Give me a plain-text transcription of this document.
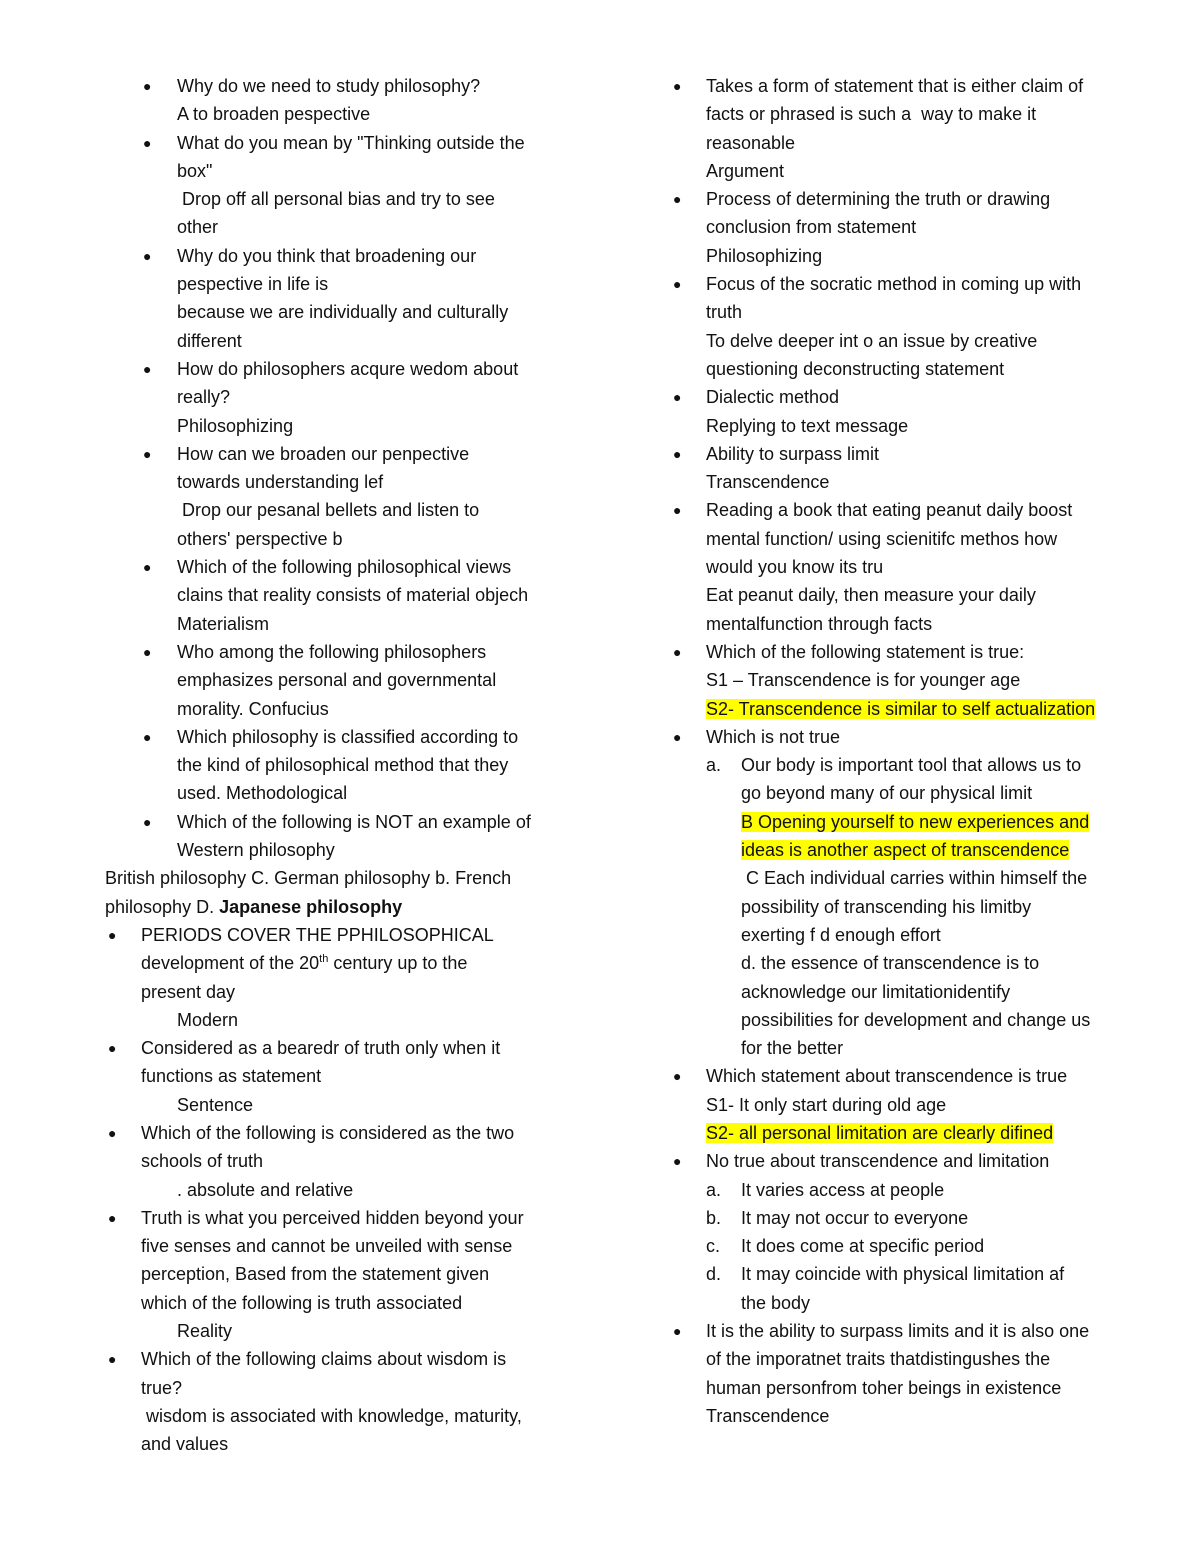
● Why do we need to study philosophy?
A to broaden pespective
● What do you mean by "Thinking outside the
box"
Drop off all personal bias and try to see
other
● Why do you think that broadening our
pespective in life is
because we are individually and culturally
different
● How do philosophers acqure wedom about
really?
Philosophizing
● How can we broaden our penpective
towards understanding lef
Drop our pesanal bellets and listen to
others' perspective b
● Which of the following philosophical views
clains that reality consists of material objech
Materialism
● Who among the following philosophers
emphasizes personal and governmental
morality. Confucius
● Which philosophy is classified according to
the kind of philosophical method that they
used. Methodological
● Which of the following is NOT an example of
Western philosophy
British philosophy C. German philosophy b. French
philosophy D. Japanese philosophy
● PERIODS COVER THE PPHILOSOPHICAL
development of the 20th century up to the
present day
Modern
● Considered as a bearedr of truth only when it
functions as statement
Sentence
● Which of the following is considered as the two
schools of truth
. absolute and relative
● Truth is what you perceived hidden beyond your
five senses and cannot be unveiled with sense
perception, Based from the statement given
which of the following is truth associated
Reality
● Which of the following claims about wisdom is
true?
wisdom is associated with knowledge, maturity,
and values
● Takes a form of statement that is either claim of
facts or phrased is such a  way to make it
reasonable
Argument
● Process of determining the truth or drawing
conclusion from statement
Philosophizing
● Focus of the socratic method in coming up with
truth
To delve deeper int o an issue by creative
questioning deconstructing statement
● Dialectic method
Replying to text message
● Ability to surpass limit
Transcendence
● Reading a book that eating peanut daily boost
mental function/ using scienitifc methos how
would you know its tru
Eat peanut daily, then measure your daily
mentalfunction through facts
● Which of the following statement is true:
S1 – Transcendence is for younger age
S2- Transcendence is similar to self actualization
● Which is not true
a. Our body is important tool that allows us to
go beyond many of our physical limit
B Opening yourself to new experiences and
ideas is another aspect of transcendence
C Each individual carries within himself the
possibility of transcending his limitby
exerting f d enough effort
d. the essence of transcendence is to
acknowledge our limitationidentify
possibilities for development and change us
for the better
● Which statement about transcendence is true
S1- It only start during old age
S2- all personal limitation are clearly difined
● No true about transcendence and limitation
a. It varies access at people
b. It may not occur to everyone
c. It does come at specific period
d. It may coincide with physical limitation af
the body
● It is the ability to surpass limits and it is also one
of the imporatnet traits thatdistingushes the
human personfrom toher beings in existence
Transcendence
